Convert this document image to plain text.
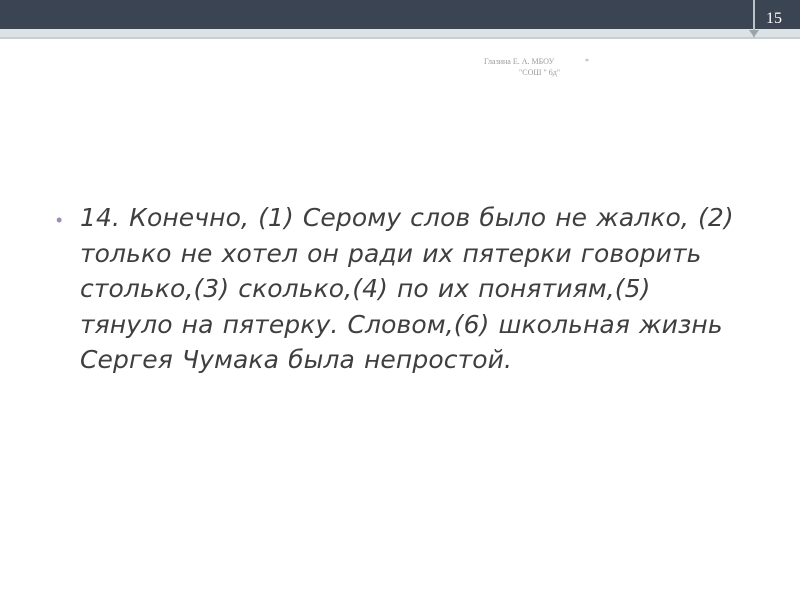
15
Глазина Е. А. МБОУ	*
"СОШ " 6д"
• 14. Конечно, (1) Серому слов было не жалко, (2) только не хотел он ради их пятерки говорить столько,(3) сколько,(4) по их понятиям,(5) тянуло на пятерку. Словом,(6) школьная жизнь Сергея Чумака была непростой.
